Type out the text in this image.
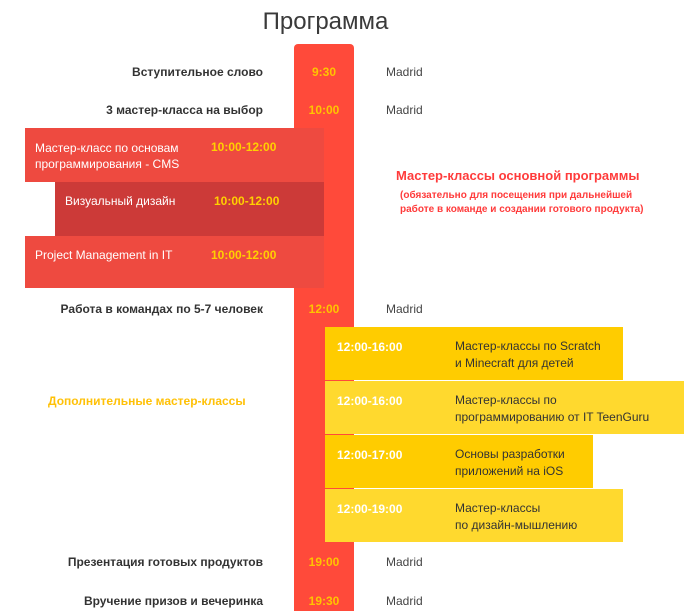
Программа
Мастер-класс по основам
программирования - CMS
10:00-12:00
Визуальный дизайн	10:00-12:00
Project Management in IT	10:00-12:00
Мастер-классы основной программы
(обязательно для посещения при дальнейшей
работе в команде и создании готового продукта)
12:00-16:00	Мастер-классы по Scratch
и Minecraft для детей
12:00-16:00	Мастер-классы по
программированию от IT TeenGuru
12:00-17:00	Основы разработки
приложений на iOS
12:00-19:00	Мастер-классы
по дизайн-мышлению
Дополнительные мастер-классы
Вступительное слово	9:30	Madrid
3 мастер-класса на выбор	10:00	Madrid
Работа в командах по 5-7 человек	12:00	Madrid
Презентация готовых продуктов	19:00	Madrid
Вручение призов и вечеринка	19:30	Madrid
